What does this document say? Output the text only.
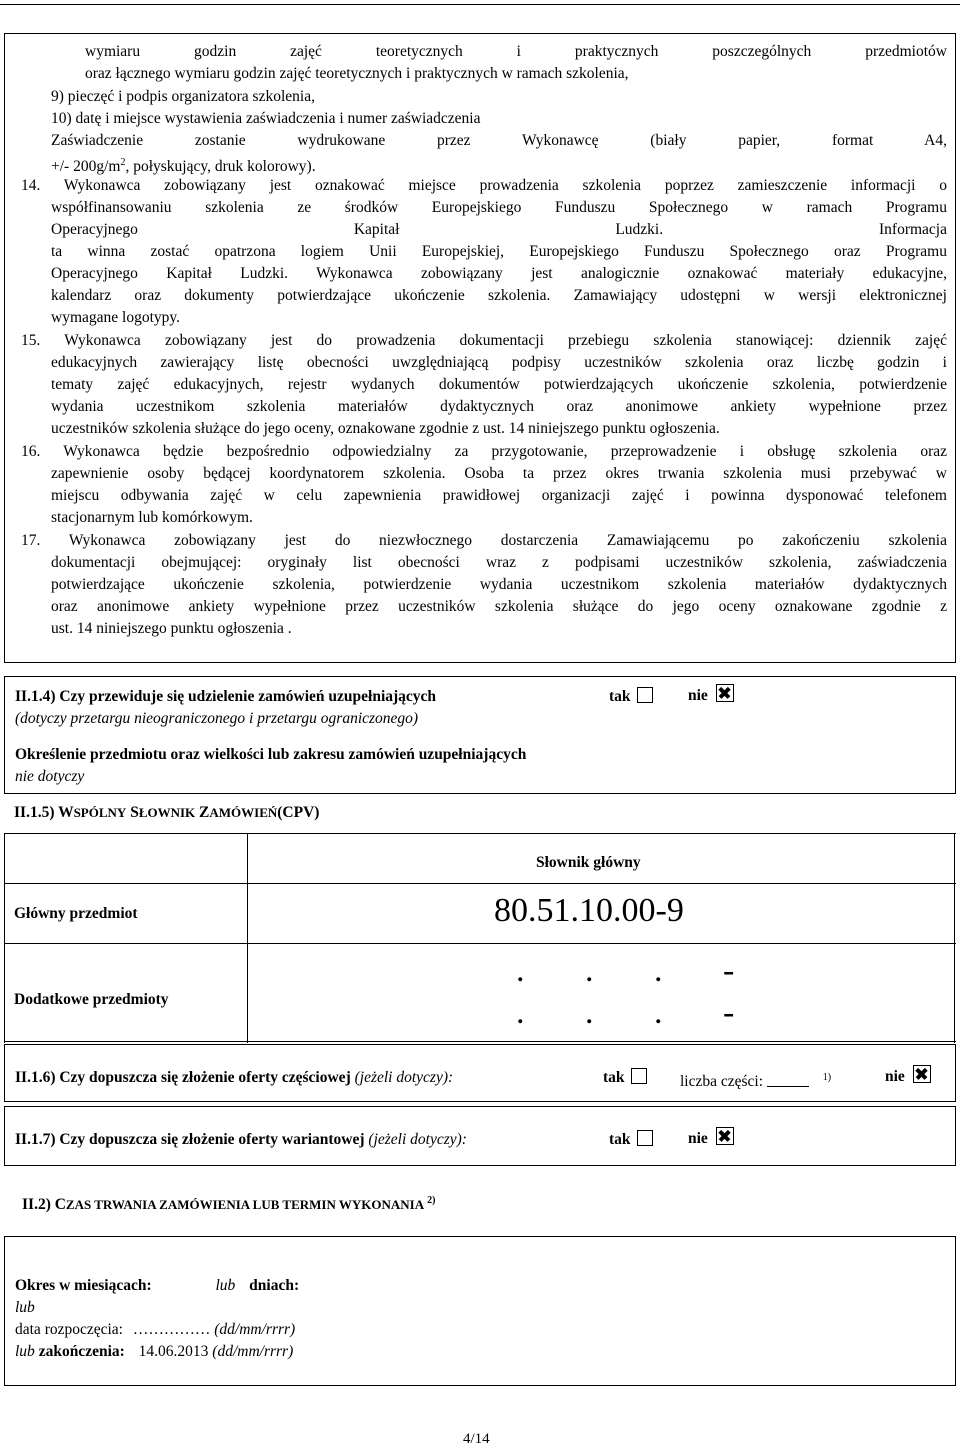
wymiaru godzin zajęć teoretycznych i praktycznych poszczególnych przedmiotów
oraz łącznego wymiaru godzin zajęć teoretycznych i praktycznych w ramach szkolenia,
9) pieczęć i podpis organizatora szkolenia,
10) datę i miejsce wystawienia zaświadczenia i numer zaświadczenia
Zaświadczenie zostanie wydrukowane przez Wykonawcę (biały papier, format A4,
+/- $200g/m^2$, połyskujący, druk kolorowy).
14. Wykonawca zobowiązany jest oznakować miejsce prowadzenia szkolenia poprzez zamieszczenie informacji o
współfinansowaniu szkolenia ze środków Europejskiego Funduszu Społecznego w ramach Programu
Operacyjnego Kapitał Ludzki. Informacja
ta winna zostać opatrzona logiem Unii Europejskiej, Europejskiego Funduszu Społecznego oraz Programu
Operacyjnego Kapitał Ludzki. Wykonawca zobowiązany jest analogicznie oznakować materiały edukacyjne,
kalendarz oraz dokumenty potwierdzające ukończenie szkolenia. Zamawiający udostępni w wersji elektronicznej
wymagane logotypy.
15. Wykonawca zobowiązany jest do prowadzenia dokumentacji przebiegu szkolenia stanowiącej: dziennik zajęć
edukacyjnych zawierający listę obecności uwzględniającą podpisy uczestników szkolenia oraz liczbę godzin i
tematy zajęć edukacyjnych, rejestr wydanych dokumentów potwierdzających ukończenie szkolenia, potwierdzenie
wydania uczestnikom szkolenia materiałów dydaktycznych oraz anonimowe ankiety wypełnione przez
uczestników szkolenia służące do jego oceny, oznakowane zgodnie z ust. 14 niniejszego punktu ogłoszenia.
16. Wykonawca będzie bezpośrednio odpowiedzialny za przygotowanie, przeprowadzenie i obsługę szkolenia oraz
zapewnienie osoby będącej koordynatorem szkolenia. Osoba ta przez okres trwania szkolenia musi przebywać w
miejscu odbywania zajęć w celu zapewnienia prawidłowej organizacji zajęć i powinna dysponować telefonem
stacjonarnym lub komórkowym.
17. Wykonawca zobowiązany jest do niezwłocznego dostarczenia Zamawiającemu po zakończeniu szkolenia
dokumentacji obejmującej: oryginały list obecności wraz z podpisami uczestników szkolenia, zaświadczenia
potwierdzające ukończenie szkolenia, potwierdzenie wydania uczestnikom szkolenia materiałów dydaktycznych
oraz anonimowe ankiety wypełnione przez uczestników szkolenia służące do jego oceny oznakowane zgodnie z
ust. 14 niniejszego punktu ogłoszenia .
II.1.4) Czy przewiduje się udzielenie zamówień uzupełniających	tak	nie
(dotyczy przetargu nieograniczonego i przetargu ograniczonego)
Określenie przedmiotu oraz wielkości lub zakresu zamówień uzupełniających
nie dotyczy
II.1.5) WSPÓLNY SŁOWNIK ZAMÓWIEŃ(CPV)
Słownik główny
Główny przedmiot	80.51.10.00-9
Dodatkowe przedmioty
. . . -
. . . -
II.1.6) Czy dopuszcza się złożenie oferty częściowej (jeżeli dotyczy):	tak	liczba części:	$^{1)}$	nie
II.1.7) Czy dopuszcza się złożenie oferty wariantowej (jeżeli dotyczy):	tak	nie
II.2) CZAS TRWANIA ZAMÓWIENIA LUB TERMIN WYKONANIA $^{2)}$
Okres w miesiącach:	lub dniach:
lub
data rozpoczęcia: …………… (dd/mm/rrrr)
lub zakończenia: 14.06.2013 (dd/mm/rrrr)
4/14
